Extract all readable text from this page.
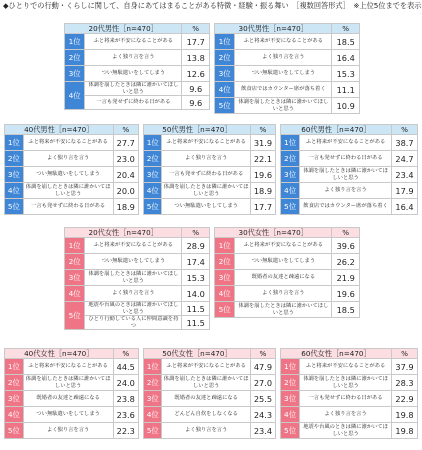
◆ひとりでの行動・くらしに関して、自身にあてはまることがある特徴・経験・振る舞い　［複数回答形式］　※上位5位までを表示
20代男性［n=470］		%
1位	ふと将来が不安になることがある	17.7
2位	よく独り言を言う	13.8
3位	つい無駄遣いをしてしまう	12.6
4位	体調を崩したときは隣に誰かいてほしいと思う	9.6
	一言も発せずに終わる日がある	9.6
30代男性［n=470］		%
1位	ふと将来が不安になることがある	18.5
2位	よく独り言を言う	16.4
3位	つい無駄遣いをしてしまう	15.3
4位	飲食店ではカウンター席が落ち着く	11.1
5位	体調を崩したときは隣に誰かいてほしいと思う	10.9
40代男性［n=470］		%
1位	ふと将来が不安になることがある	27.7
2位	よく独り言を言う	23.0
3位	つい無駄遣いをしてしまう	20.4
4位	体調を崩したときは隣に誰かいてほしいと思う	20.0
5位	一言も発せずに終わる日がある	18.9
50代男性［n=470］		%
1位	ふと将来が不安になることがある	31.9
2位	よく独り言を言う	22.1
3位	一言も発せずに終わる日がある	19.6
4位	体調を崩したときは隣に誰かいてほしいと思う	18.9
5位	つい無駄遣いをしてしまう	17.7
60代男性［n=470］		%
1位	ふと将来が不安になることがある	38.7
2位	一言も発せずに終わる日がある	24.7
3位	体調を崩したときは隣に誰かいてほしいと思う	23.4
4位	よく独り言を言う	17.9
5位	飲食店ではカウンター席が落ち着く	16.4
20代女性［n=470］		%
1位	ふと将来が不安になることがある	28.9
2位	つい無駄遣いをしてしまう	17.4
3位	体調を崩したときは隣に誰かいてほしいと思う	15.3
4位	よく独り言を言う	14.0
5位	地震や台風のときは隣に誰かいてほしいと思う	11.5
	ひとり行動している人に仲間意識を持つ	11.5
30代女性［n=470］		%
1位	ふと将来が不安になることがある	39.6
2位	つい無駄遣いをしてしまう	26.2
3位	既婚者の友達と疎遠になる	21.9
4位	よく独り言を言う	19.6
5位	体調を崩したときは隣に誰かいてほしいと思う	18.5
40代女性［n=470］		%
1位	ふと将来が不安になることがある	44.5
2位	体調を崩したときは隣に誰かいてほしいと思う	24.0
3位	既婚者の友達と疎遠になる	23.8
4位	つい無駄遣いをしてしまう	23.6
5位	よく独り言を言う	22.3
50代女性［n=470］		%
1位	ふと将来が不安になることがある	47.9
2位	体調を崩したときは隣に誰かいてほしいと思う	27.0
3位	既婚者の友達と疎遠になる	25.5
4位	どんどん自炊をしなくなる	24.3
5位	よく独り言を言う	23.4
60代女性［n=470］		%
1位	ふと将来が不安になることがある	37.9
2位	体調を崩したときは隣に誰かいてほしいと思う	28.3
3位	一言も発せずに終わる日がある	22.9
4位	よく独り言を言う	19.8
5位	地震や台風のときは隣に誰かいてほしいと思う	19.8
